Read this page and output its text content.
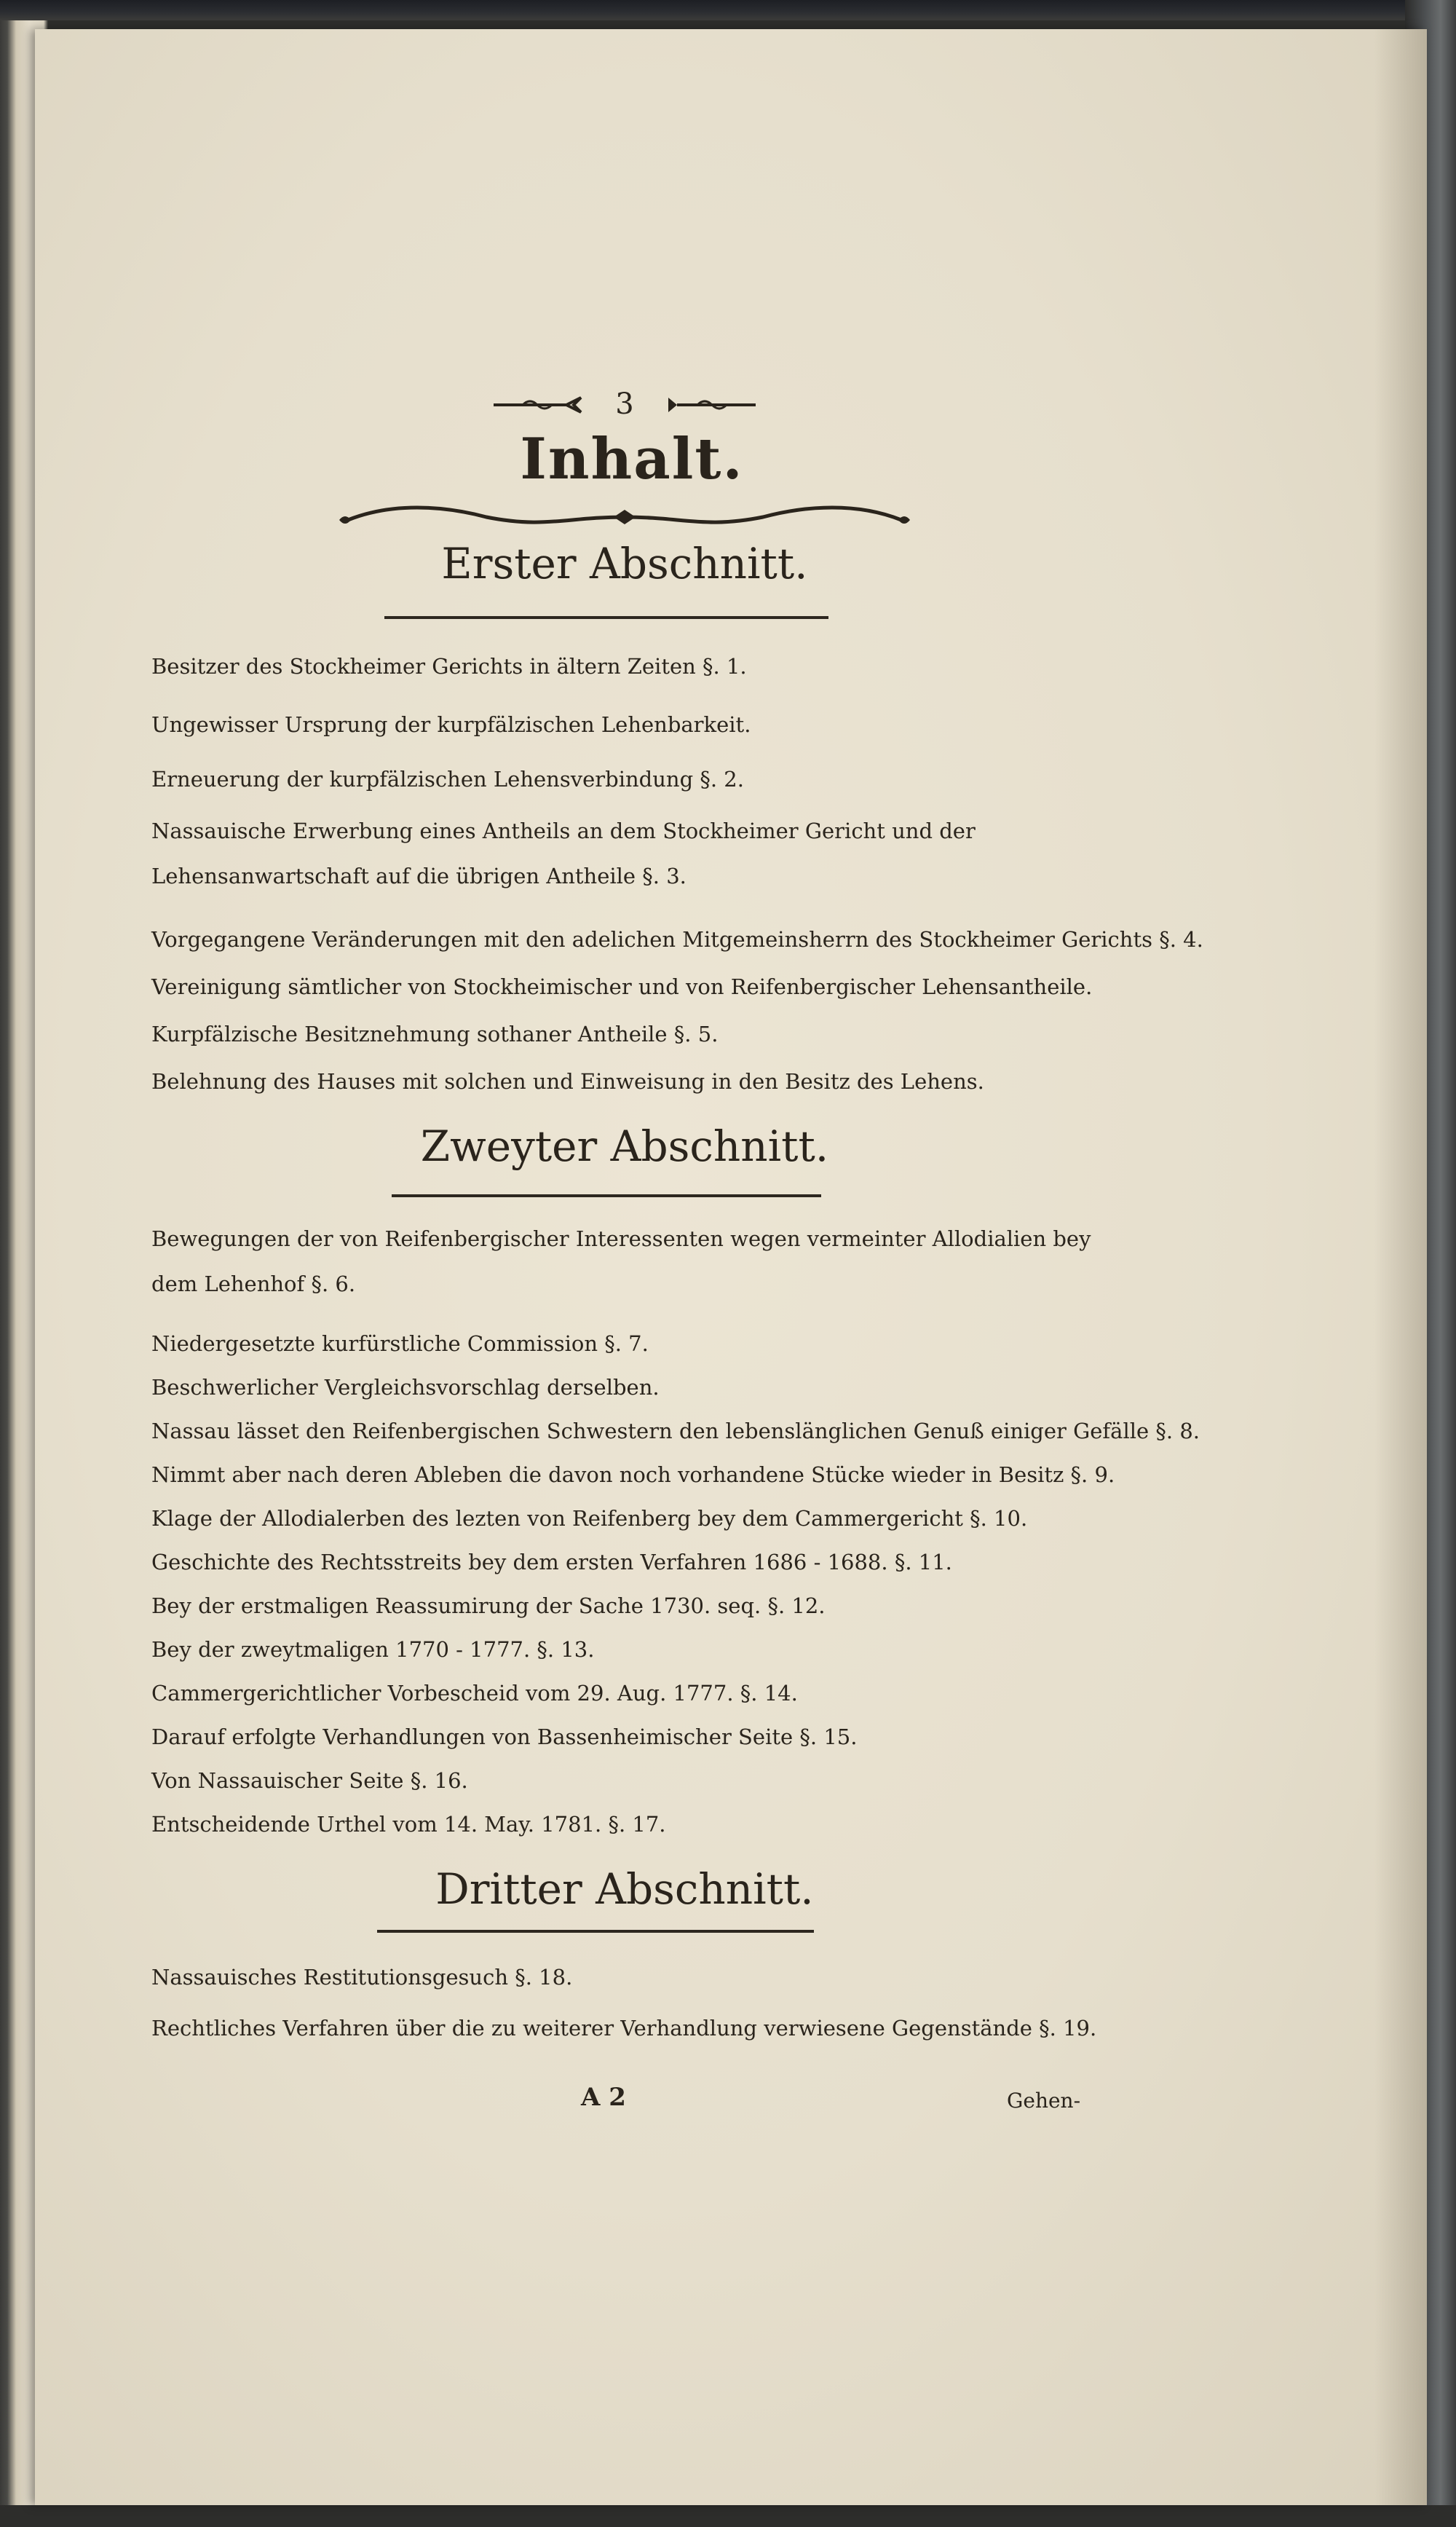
3
Inhalt.
Erster Abschnitt.
Besitzer des Stockheimer Gerichts in ältern Zeiten §. 1.
Ungewisser Ursprung der kurpfälzischen Lehenbarkeit.
Erneuerung der kurpfälzischen Lehensverbindung §. 2.
Nassauische Erwerbung eines Antheils an dem Stockheimer Gericht und der Lehensanwartschaft auf die übrigen Antheile §. 3.
Vorgegangene Veränderungen mit den adelichen Mitgemeinsherrn des Stockheimer Gerichts §. 4.
Vereinigung sämtlicher von Stockheimischer und von Reifenbergischer Lehensantheile.
Kurpfälzische Besitznehmung sothaner Antheile §. 5.
Belehnung des Hauses mit solchen und Einweisung in den Besitz des Lehens.
Zweyter Abschnitt.
Bewegungen der von Reifenbergischer Interessenten wegen vermeinter Allodialien bey dem Lehenhof §. 6.
Niedergesetzte kurfürstliche Commission §. 7.
Beschwerlicher Vergleichsvorschlag derselben.
Nassau lässet den Reifenbergischen Schwestern den lebenslänglichen Genuß einiger Gefälle §. 8.
Nimmt aber nach deren Ableben die davon noch vorhandene Stücke wieder in Besitz §. 9.
Klage der Allodialerben des lezten von Reifenberg bey dem Cammergericht §. 10.
Geschichte des Rechtsstreits bey dem ersten Verfahren 1686 - 1688. §. 11.
Bey der erstmaligen Reassumirung der Sache 1730. seq. §. 12.
Bey der zweytmaligen 1770 - 1777. §. 13.
Cammergerichtlicher Vorbescheid vom 29. Aug. 1777. §. 14.
Darauf erfolgte Verhandlungen von Bassenheimischer Seite §. 15.
Von Nassauischer Seite §. 16.
Entscheidende Urthel vom 14. May. 1781. §. 17.
Dritter Abschnitt.
Nassauisches Restitutionsgesuch §. 18.
Rechtliches Verfahren über die zu weiterer Verhandlung verwiesene Gegenstände §. 19.
A 2	Gehen-
